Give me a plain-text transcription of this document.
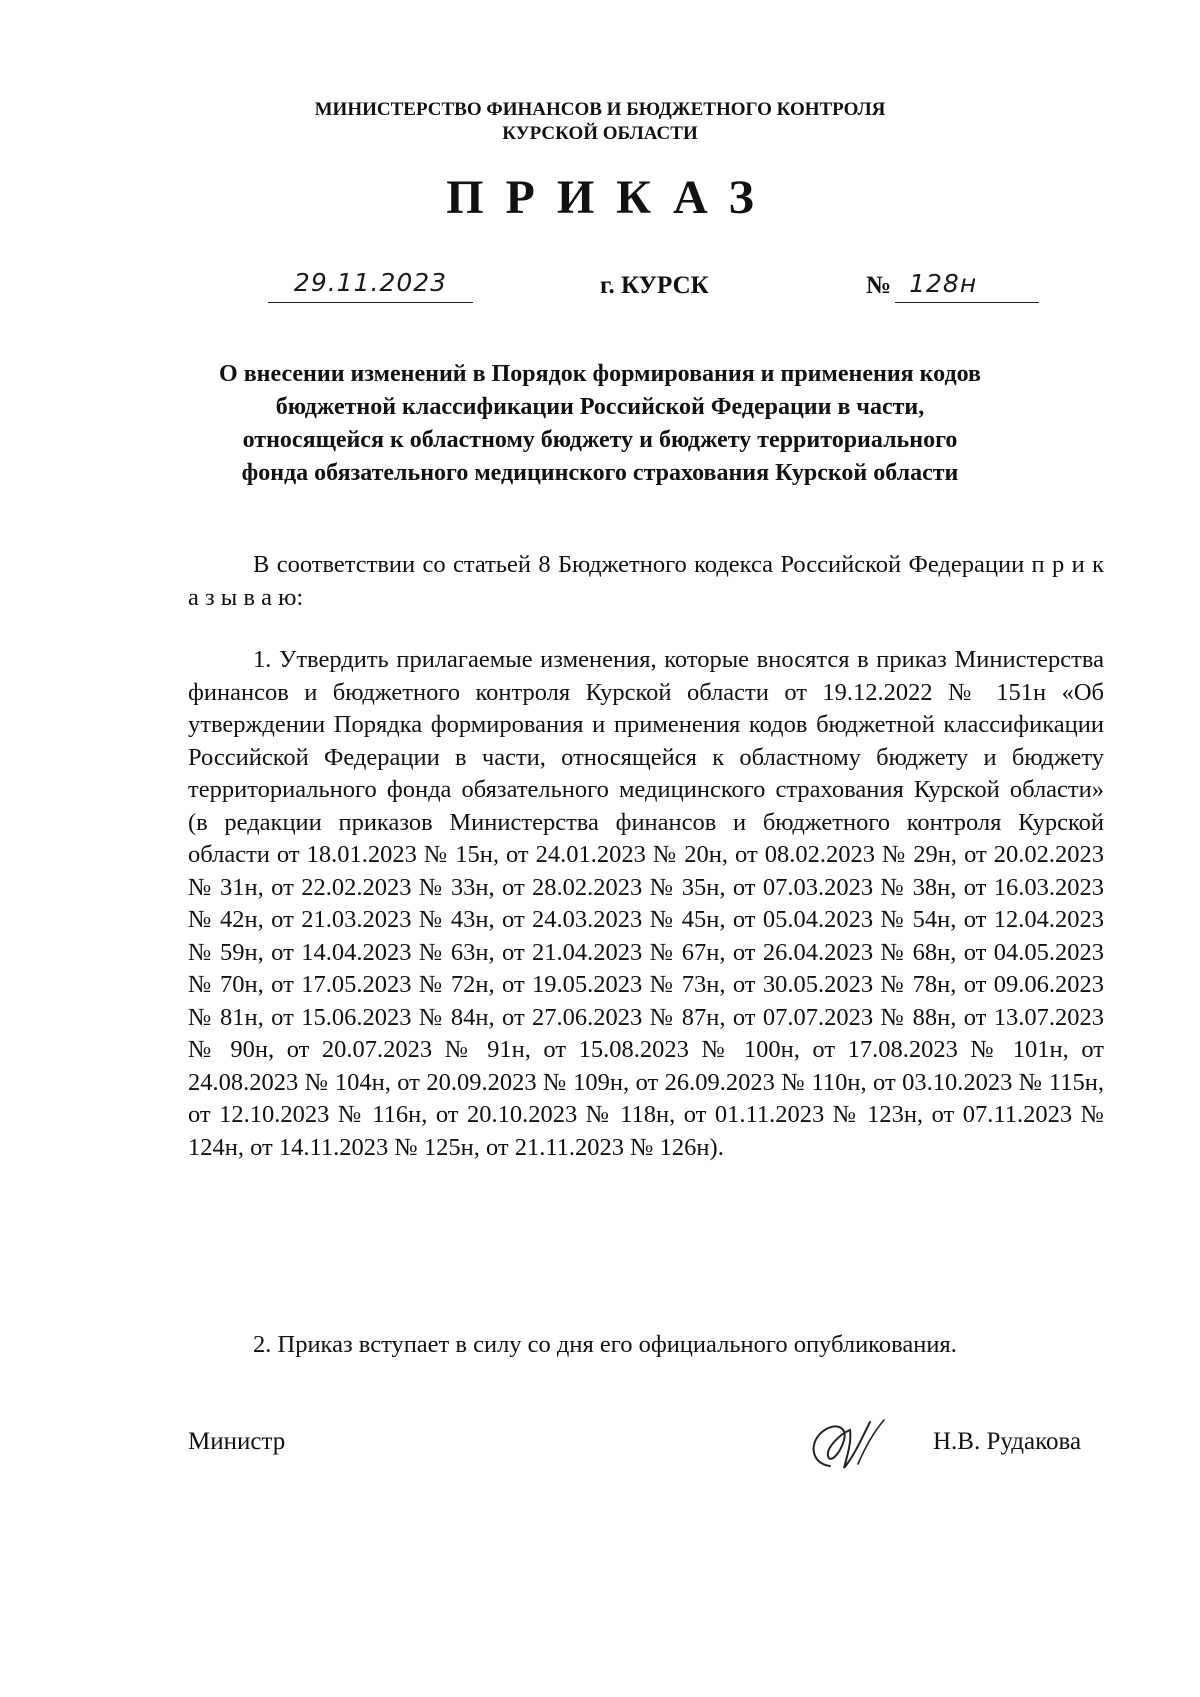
МИНИСТЕРСТВО ФИНАНСОВ И БЮДЖЕТНОГО КОНТРОЛЯ
КУРСКОЙ ОБЛАСТИ
ПРИКАЗ
29.11.2023	г. КУРСК	№ 128н
О внесении изменений в Порядок формирования и применения кодов
бюджетной классификации Российской Федерации в части,
относящейся к областному бюджету и бюджету территориального
фонда обязательного медицинского страхования Курской области
В соответствии со статьей 8 Бюджетного кодекса Российской Федерации п р и к а з ы в а ю:
1. Утвердить прилагаемые изменения, которые вносятся в приказ Министерства финансов и бюджетного контроля Курской области от 19.12.2022 № 151н «Об утверждении Порядка формирования и применения кодов бюджетной классификации Российской Федерации в части, относящейся к областному бюджету и бюджету территориального фонда обязательного медицинского страхования Курской области» (в редакции приказов Министерства финансов и бюджетного контроля Курской области от 18.01.2023 № 15н, от 24.01.2023 № 20н, от 08.02.2023 № 29н, от 20.02.2023 № 31н, от 22.02.2023 № 33н, от 28.02.2023 № 35н, от 07.03.2023 № 38н, от 16.03.2023 № 42н, от 21.03.2023 № 43н, от 24.03.2023 № 45н, от 05.04.2023 № 54н, от 12.04.2023 № 59н, от 14.04.2023 № 63н, от 21.04.2023 № 67н, от 26.04.2023 № 68н, от 04.05.2023 № 70н, от 17.05.2023 № 72н, от 19.05.2023 № 73н, от 30.05.2023 № 78н, от 09.06.2023 № 81н, от 15.06.2023 № 84н, от 27.06.2023 № 87н, от 07.07.2023 № 88н, от 13.07.2023 № 90н, от 20.07.2023 № 91н, от 15.08.2023 № 100н, от 17.08.2023 № 101н, от 24.08.2023 № 104н, от 20.09.2023 № 109н, от 26.09.2023 № 110н, от 03.10.2023 № 115н, от 12.10.2023 № 116н, от 20.10.2023 № 118н, от 01.11.2023 № 123н, от 07.11.2023 № 124н, от 14.11.2023 № 125н, от 21.11.2023 № 126н).
2. Приказ вступает в силу со дня его официального опубликования.
Министр	Н.В. Рудакова
